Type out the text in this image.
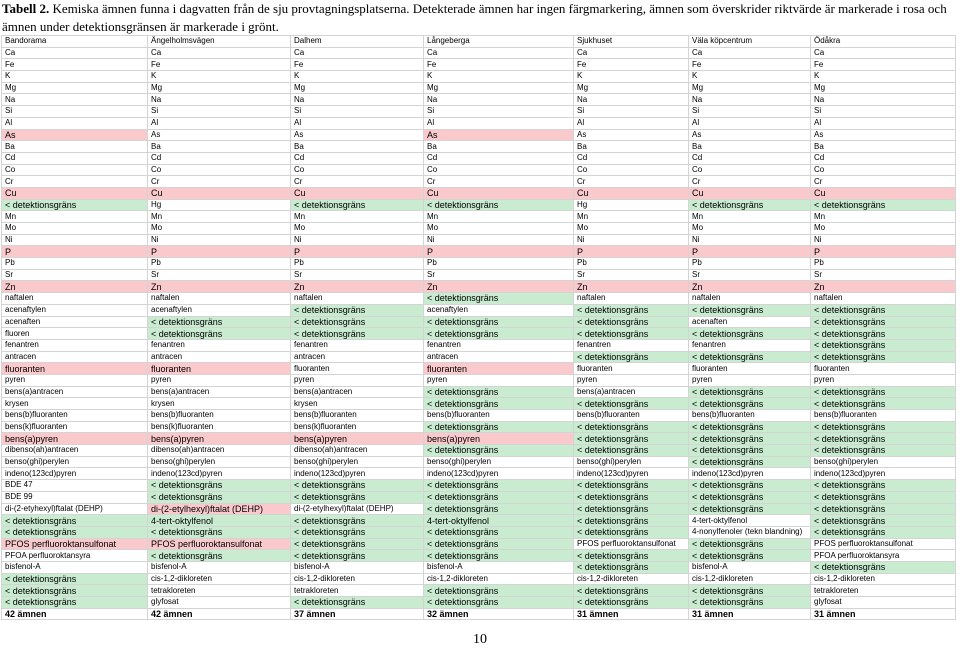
Tabell 2. Kemiska ämnen funna i dagvatten från de sju provtagningsplatserna. Detekterade ämnen har ingen färgmarkering, ämnen som överskrider riktvärde är markerade i rosa och ämnen under detektionsgränsen är markerade i grönt.
Bandorama	Ängelholmsvägen	Dalhem	Långeberga	Sjukhuset	Väla köpcentrum	Ödåkra
Ca	Ca	Ca	Ca	Ca	Ca	Ca
Fe	Fe	Fe	Fe	Fe	Fe	Fe
K	K	K	K	K	K	K
Mg	Mg	Mg	Mg	Mg	Mg	Mg
Na	Na	Na	Na	Na	Na	Na
Si	Si	Si	Si	Si	Si	Si
Al	Al	Al	Al	Al	Al	Al
As	As	As	As	As	As	As
Ba	Ba	Ba	Ba	Ba	Ba	Ba
Cd	Cd	Cd	Cd	Cd	Cd	Cd
Co	Co	Co	Co	Co	Co	Co
Cr	Cr	Cr	Cr	Cr	Cr	Cr
Cu	Cu	Cu	Cu	Cu	Cu	Cu
< detektionsgräns	Hg	< detektionsgräns	< detektionsgräns	Hg	< detektionsgräns	< detektionsgräns
Mn	Mn	Mn	Mn	Mn	Mn	Mn
Mo	Mo	Mo	Mo	Mo	Mo	Mo
Ni	Ni	Ni	Ni	Ni	Ni	Ni
P	P	P	P	P	P	P
Pb	Pb	Pb	Pb	Pb	Pb	Pb
Sr	Sr	Sr	Sr	Sr	Sr	Sr
Zn	Zn	Zn	Zn	Zn	Zn	Zn
naftalen	naftalen	naftalen	< detektionsgräns	naftalen	naftalen	naftalen
acenaftylen	acenaftylen	< detektionsgräns	acenaftylen	< detektionsgräns	< detektionsgräns	< detektionsgräns
acenaften	< detektionsgräns	< detektionsgräns	< detektionsgräns	< detektionsgräns	acenaften	< detektionsgräns
fluoren	< detektionsgräns	< detektionsgräns	< detektionsgräns	< detektionsgräns	< detektionsgräns	< detektionsgräns
fenantren	fenantren	fenantren	fenantren	fenantren	fenantren	< detektionsgräns
antracen	antracen	antracen	antracen	< detektionsgräns	< detektionsgräns	< detektionsgräns
fluoranten	fluoranten	fluoranten	fluoranten	fluoranten	fluoranten	fluoranten
pyren	pyren	pyren	pyren	pyren	pyren	pyren
bens(a)antracen	bens(a)antracen	bens(a)antracen	< detektionsgräns	bens(a)antracen	< detektionsgräns	< detektionsgräns
krysen	krysen	krysen	< detektionsgräns	< detektionsgräns	< detektionsgräns	< detektionsgräns
bens(b)fluoranten	bens(b)fluoranten	bens(b)fluoranten	bens(b)fluoranten	bens(b)fluoranten	bens(b)fluoranten	bens(b)fluoranten
bens(k)fluoranten	bens(k)fluoranten	bens(k)fluoranten	< detektionsgräns	< detektionsgräns	< detektionsgräns	< detektionsgräns
bens(a)pyren	bens(a)pyren	bens(a)pyren	bens(a)pyren	< detektionsgräns	< detektionsgräns	< detektionsgräns
dibenso(ah)antracen	dibenso(ah)antracen	dibenso(ah)antracen	< detektionsgräns	< detektionsgräns	< detektionsgräns	< detektionsgräns
benso(ghi)perylen	benso(ghi)perylen	benso(ghi)perylen	benso(ghi)perylen	benso(ghi)perylen	< detektionsgräns	benso(ghi)perylen
indeno(123cd)pyren	indeno(123cd)pyren	indeno(123cd)pyren	indeno(123cd)pyren	indeno(123cd)pyren	indeno(123cd)pyren	indeno(123cd)pyren
BDE 47	< detektionsgräns	< detektionsgräns	< detektionsgräns	< detektionsgräns	< detektionsgräns	< detektionsgräns
BDE 99	< detektionsgräns	< detektionsgräns	< detektionsgräns	< detektionsgräns	< detektionsgräns	< detektionsgräns
di-(2-etyhexyl)ftalat (DEHP)	di-(2-etylhexyl)ftalat (DEHP)	di-(2-etylhexyl)ftalat (DEHP)	< detektionsgräns	< detektionsgräns	< detektionsgräns	< detektionsgräns
< detektionsgräns	4-tert-oktylfenol	< detektionsgräns	4-tert-oktylfenol	< detektionsgräns	4-tert-oktylfenol	< detektionsgräns
< detektionsgräns	< detektionsgräns	< detektionsgräns	< detektionsgräns	< detektionsgräns	4-nonylfenoler (tekn blandning)	< detektionsgräns
PFOS perfluoroktansulfonat	PFOS perfluoroktansulfonat	< detektionsgräns	< detektionsgräns	PFOS perfluoroktansulfonat	< detektionsgräns	PFOS perfluoroktansulfonat
PFOA perfluoroktansyra	< detektionsgräns	< detektionsgräns	< detektionsgräns	< detektionsgräns	< detektionsgräns	PFOA perfluoroktansyra
bisfenol-A	bisfenol-A	bisfenol-A	bisfenol-A	< detektionsgräns	bisfenol-A	< detektionsgräns
< detektionsgräns	cis-1,2-dikloreten	cis-1,2-dikloreten	cis-1,2-dikloreten	cis-1,2-dikloreten	cis-1,2-dikloreten	cis-1,2-dikloreten
< detektionsgräns	tetrakloreten	tetrakloreten	< detektionsgräns	< detektionsgräns	< detektionsgräns	tetrakloreten
< detektionsgräns	glyfosat	< detektionsgräns	< detektionsgräns	< detektionsgräns	< detektionsgräns	glyfosat
42 ämnen	42 ämnen	37 ämnen	32 ämnen	31 ämnen	31 ämnen	31 ämnen
10
